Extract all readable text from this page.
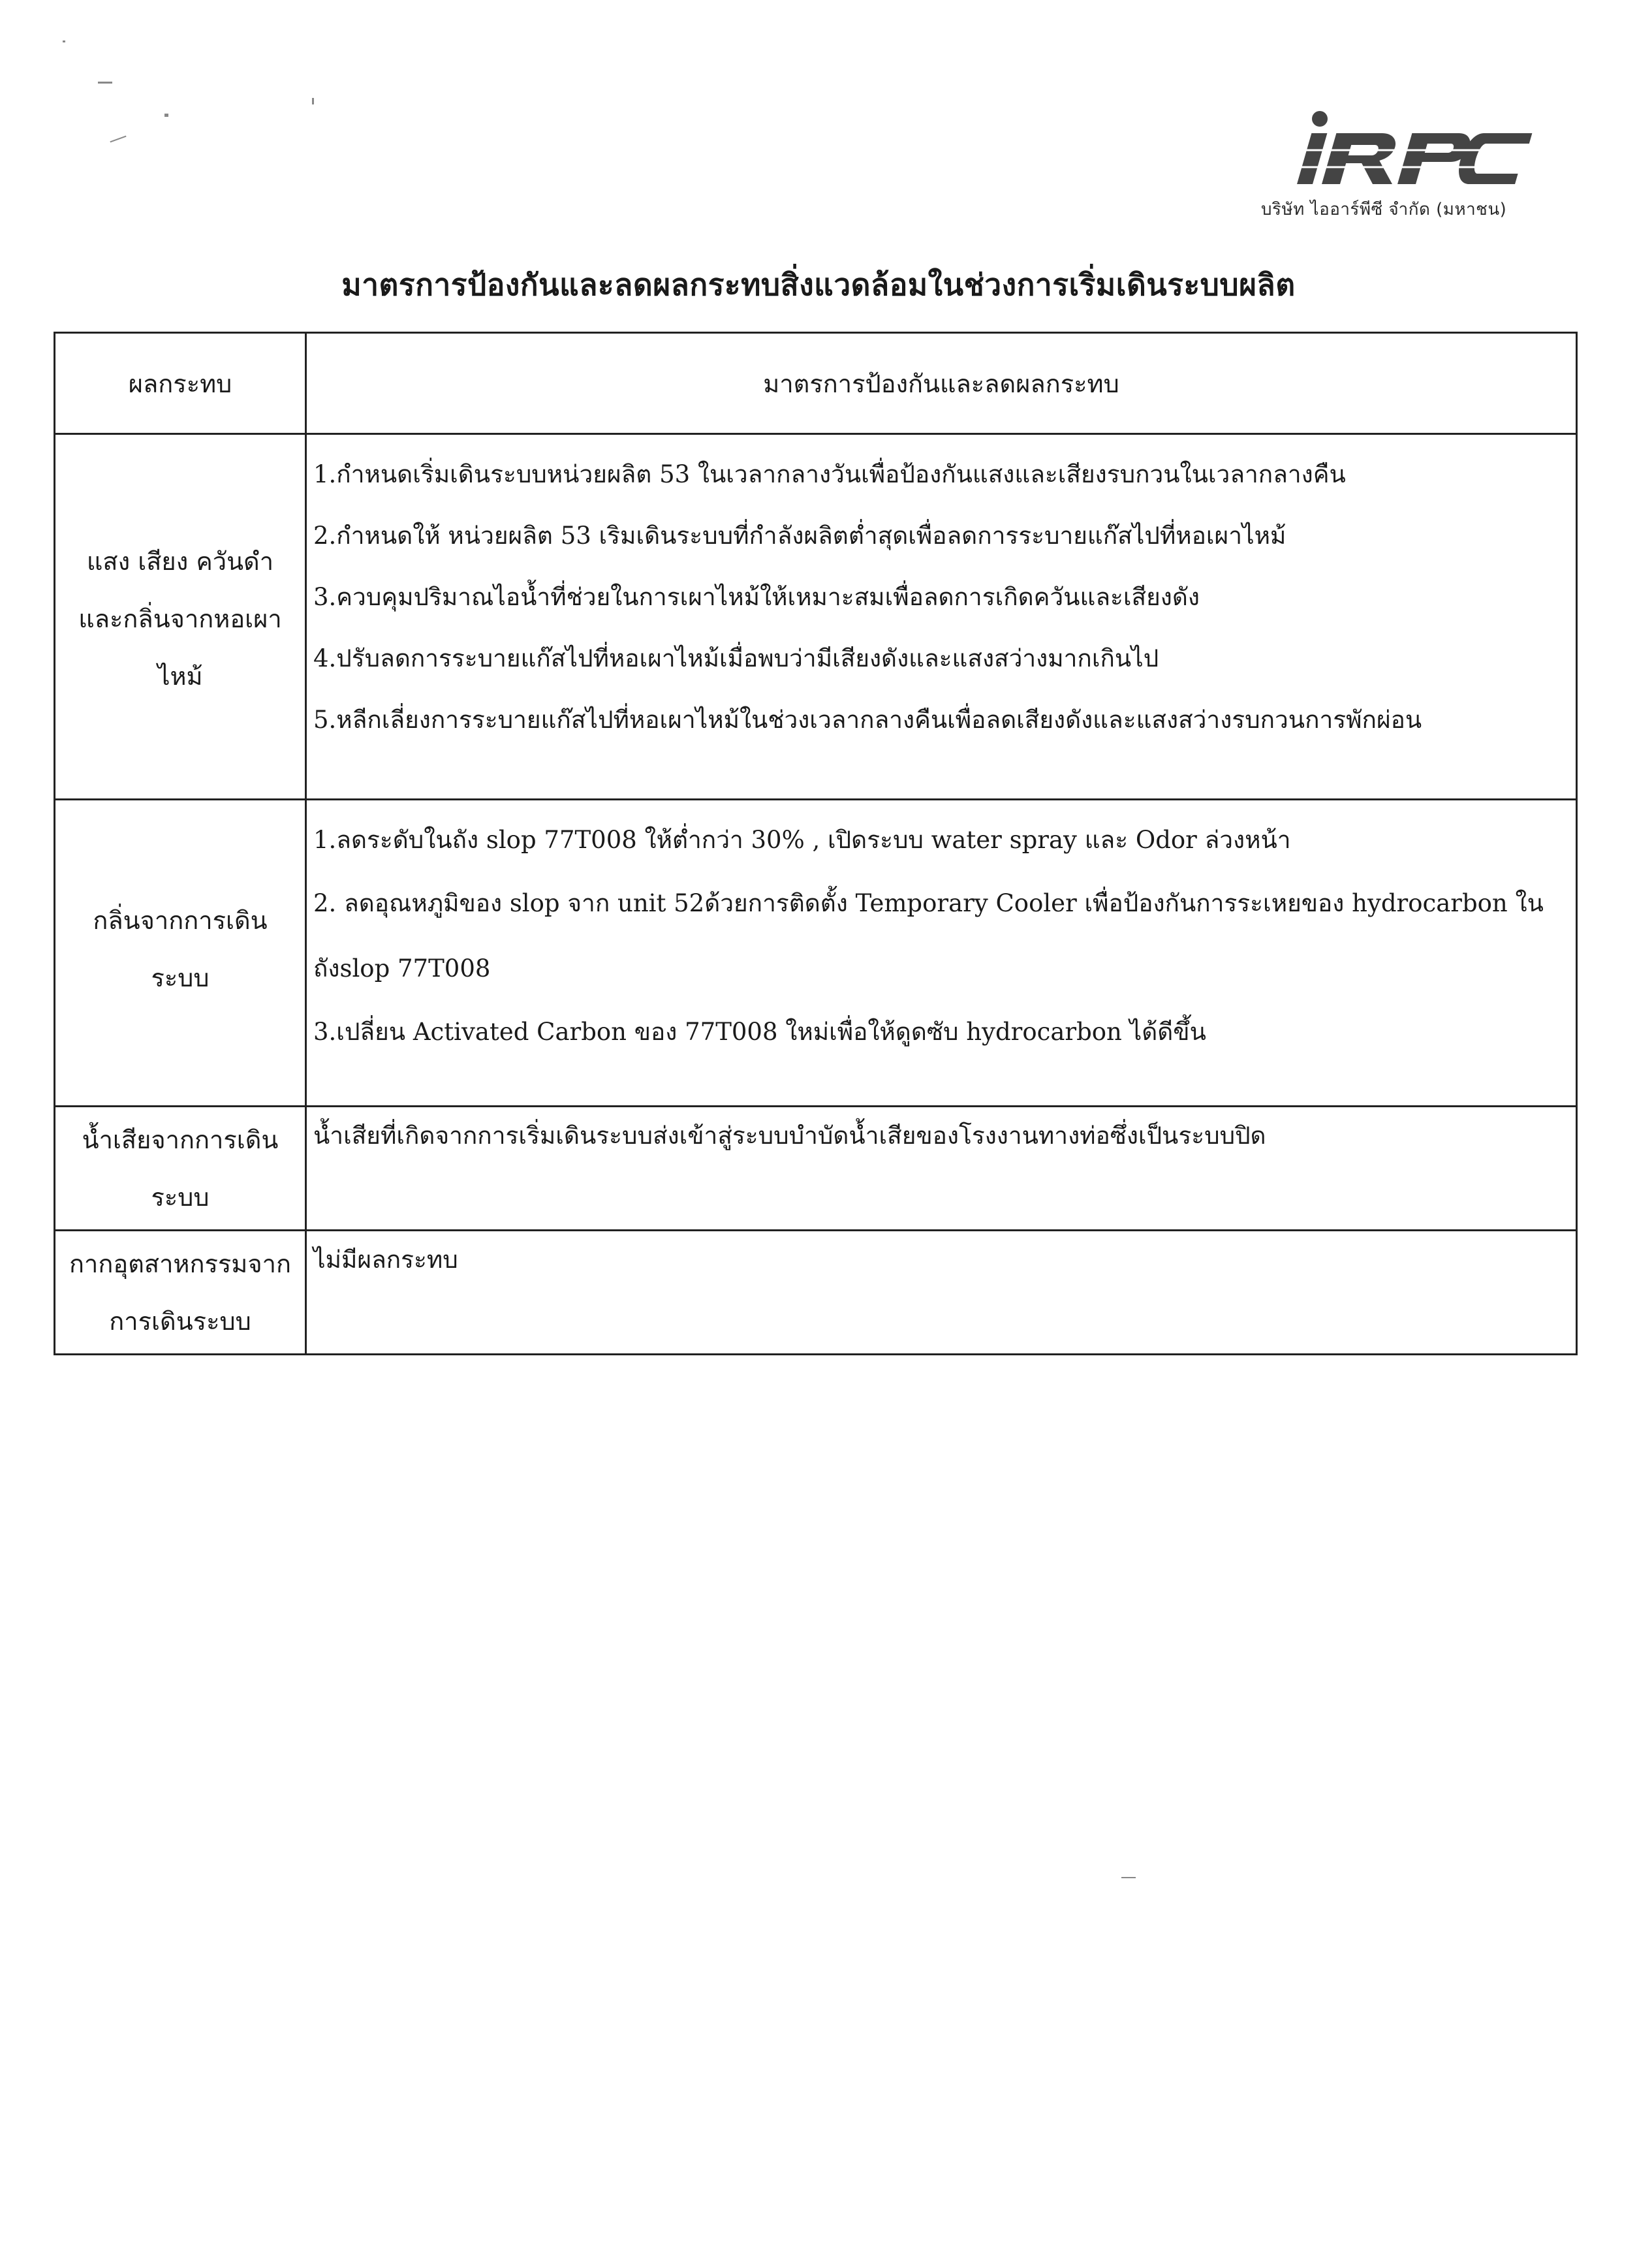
บริษัท ไออาร์พีซี จำกัด (มหาชน)
มาตรการป้องกันและลดผลกระทบสิ่งแวดล้อมในช่วงการเริ่มเดินระบบผลิต
ผลกระทบ	มาตรการป้องกันและลดผลกระทบ
แสง เสียง ควันดำ และกลิ่นจากหอเผาไหม้	1.กำหนดเริ่มเดินระบบหน่วยผลิต 53 ในเวลากลางวันเพื่อป้องกันแสงและเสียงรบกวนในเวลากลางคืน
2.กำหนดให้ หน่วยผลิต 53 เริมเดินระบบที่กำลังผลิตต่ำสุดเพื่อลดการระบายแก๊สไปที่หอเผาไหม้
3.ควบคุมปริมาณไอน้ำที่ช่วยในการเผาไหม้ให้เหมาะสมเพื่อลดการเกิดควันและเสียงดัง
4.ปรับลดการระบายแก๊สไปที่หอเผาไหม้เมื่อพบว่ามีเสียงดังและแสงสว่างมากเกินไป
5.หลีกเลี่ยงการระบายแก๊สไปที่หอเผาไหม้ในช่วงเวลากลางคืนเพื่อลดเสียงดังและแสงสว่างรบกวนการพักผ่อน

กลิ่นจากการเดินระบบ	1.ลดระดับในถัง slop 77T008 ให้ต่ำกว่า 30% , เปิดระบบ water spray และ Odor ล่วงหน้า
2. ลดอุณหภูมิของ slop จาก unit 52ด้วยการติดตั้ง Temporary Cooler เพื่อป้องกันการระเหยของ hydrocarbon ในถังslop 77T008
3.เปลี่ยน Activated Carbon ของ 77T008 ใหม่เพื่อให้ดูดซับ hydrocarbon ได้ดีขึ้น

น้ำเสียจากการเดินระบบ	น้ำเสียที่เกิดจากการเริ่มเดินระบบส่งเข้าสู่ระบบบำบัดน้ำเสียของโรงงานทางท่อซึ่งเป็นระบบปิด

กากอุตสาหกรรมจากการเดินระบบ	ไม่มีผลกระทบ
